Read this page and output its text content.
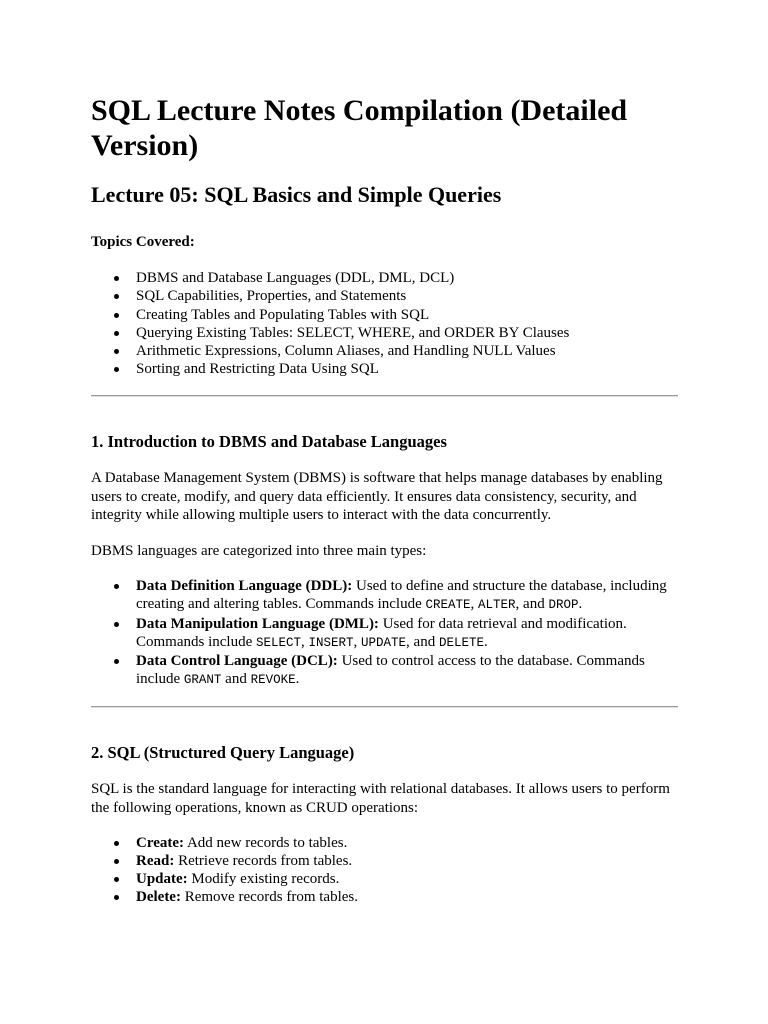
SQL Lecture Notes Compilation (Detailed Version)
Lecture 05: SQL Basics and Simple Queries

Topics Covered:

DBMS and Database Languages (DDL, DML, DCL)
SQL Capabilities, Properties, and Statements
Creating Tables and Populating Tables with SQL
Querying Existing Tables: SELECT, WHERE, and ORDER BY Clauses
Arithmetic Expressions, Column Aliases, and Handling NULL Values
Sorting and Restricting Data Using SQL
1. Introduction to DBMS and Database Languages

A Database Management System (DBMS) is software that helps manage databases by enabling users to create, modify, and query data efficiently. It ensures data consistency, security, and integrity while allowing multiple users to interact with the data concurrently.

DBMS languages are categorized into three main types:

Data Definition Language (DDL): Used to define and structure the database, including creating and altering tables. Commands include CREATE, ALTER, and DROP.
Data Manipulation Language (DML): Used for data retrieval and modification. Commands include SELECT, INSERT, UPDATE, and DELETE.
Data Control Language (DCL): Used to control access to the database. Commands include GRANT and REVOKE.
2. SQL (Structured Query Language)

SQL is the standard language for interacting with relational databases. It allows users to perform the following operations, known as CRUD operations:

Create: Add new records to tables.
Read: Retrieve records from tables.
Update: Modify existing records.
Delete: Remove records from tables.
